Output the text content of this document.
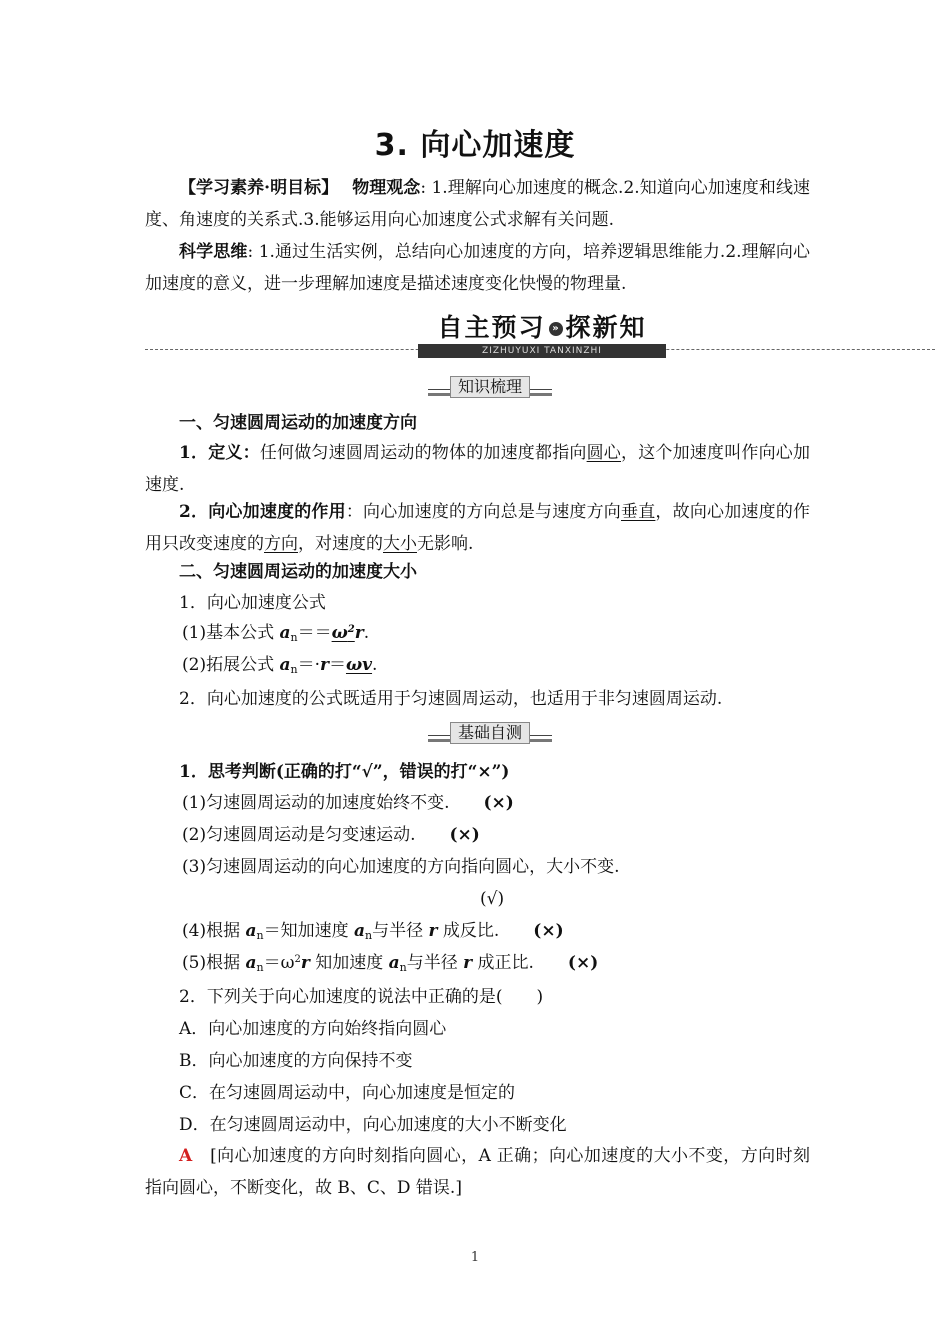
3. 向心加速度
【学习素养·明目标】　 物理观念: 1.理解向心加速度的概念.2.知道向心加速度和线速度、角速度的关系式.3.能够运用向心加速度公式求解有关问题.
科学思维: 1.通过生活实例，总结向心加速度的方向，培养逻辑思维能力.2.理解向心加速度的意义，进一步理解加速度是描述速度变化快慢的物理量.
自主预习 » 探新知
ZIZHUYUXI TANXINZHI
知识梳理
一、匀速圆周运动的加速度方向
1．定义：任何做匀速圆周运动的物体的加速度都指向圆心，这个加速度叫作向心加速度.
2．向心加速度的作用：向心加速度的方向总是与速度方向垂直，故向心加速度的作用只改变速度的方向，对速度的大小无影响.
二、匀速圆周运动的加速度大小
1．向心加速度公式
(1)基本公式 $an==\omega^2r$.
(2)拓展公式 an＝·r＝ωv.
2．向心加速度的公式既适用于匀速圆周运动，也适用于非匀速圆周运动.
基础自测
1．思考判断(正确的打“√”，错误的打“×”)
(1)匀速圆周运动的加速度始终不变.　　 (×)
(2)匀速圆周运动是匀变速运动.　　 (×)
(3)匀速圆周运动的向心加速度的方向指向圆心，大小不变.
(√)
(4)根据 an＝知加速度 an与半径 r 成反比.　　 (×)
(5)根据 $an=\omega^2r$ 知加速度 an与半径 r 成正比.　　 (×)
2．下列关于向心加速度的说法中正确的是(　　)
A．向心加速度的方向始终指向圆心
B．向心加速度的方向保持不变
C．在匀速圆周运动中，向心加速度是恒定的
D．在匀速圆周运动中，向心加速度的大小不断变化
A　 [向心加速度的方向时刻指向圆心，A 正确；向心加速度的大小不变，方向时刻指向圆心，不断变化，故 B、C、D 错误.]
1
